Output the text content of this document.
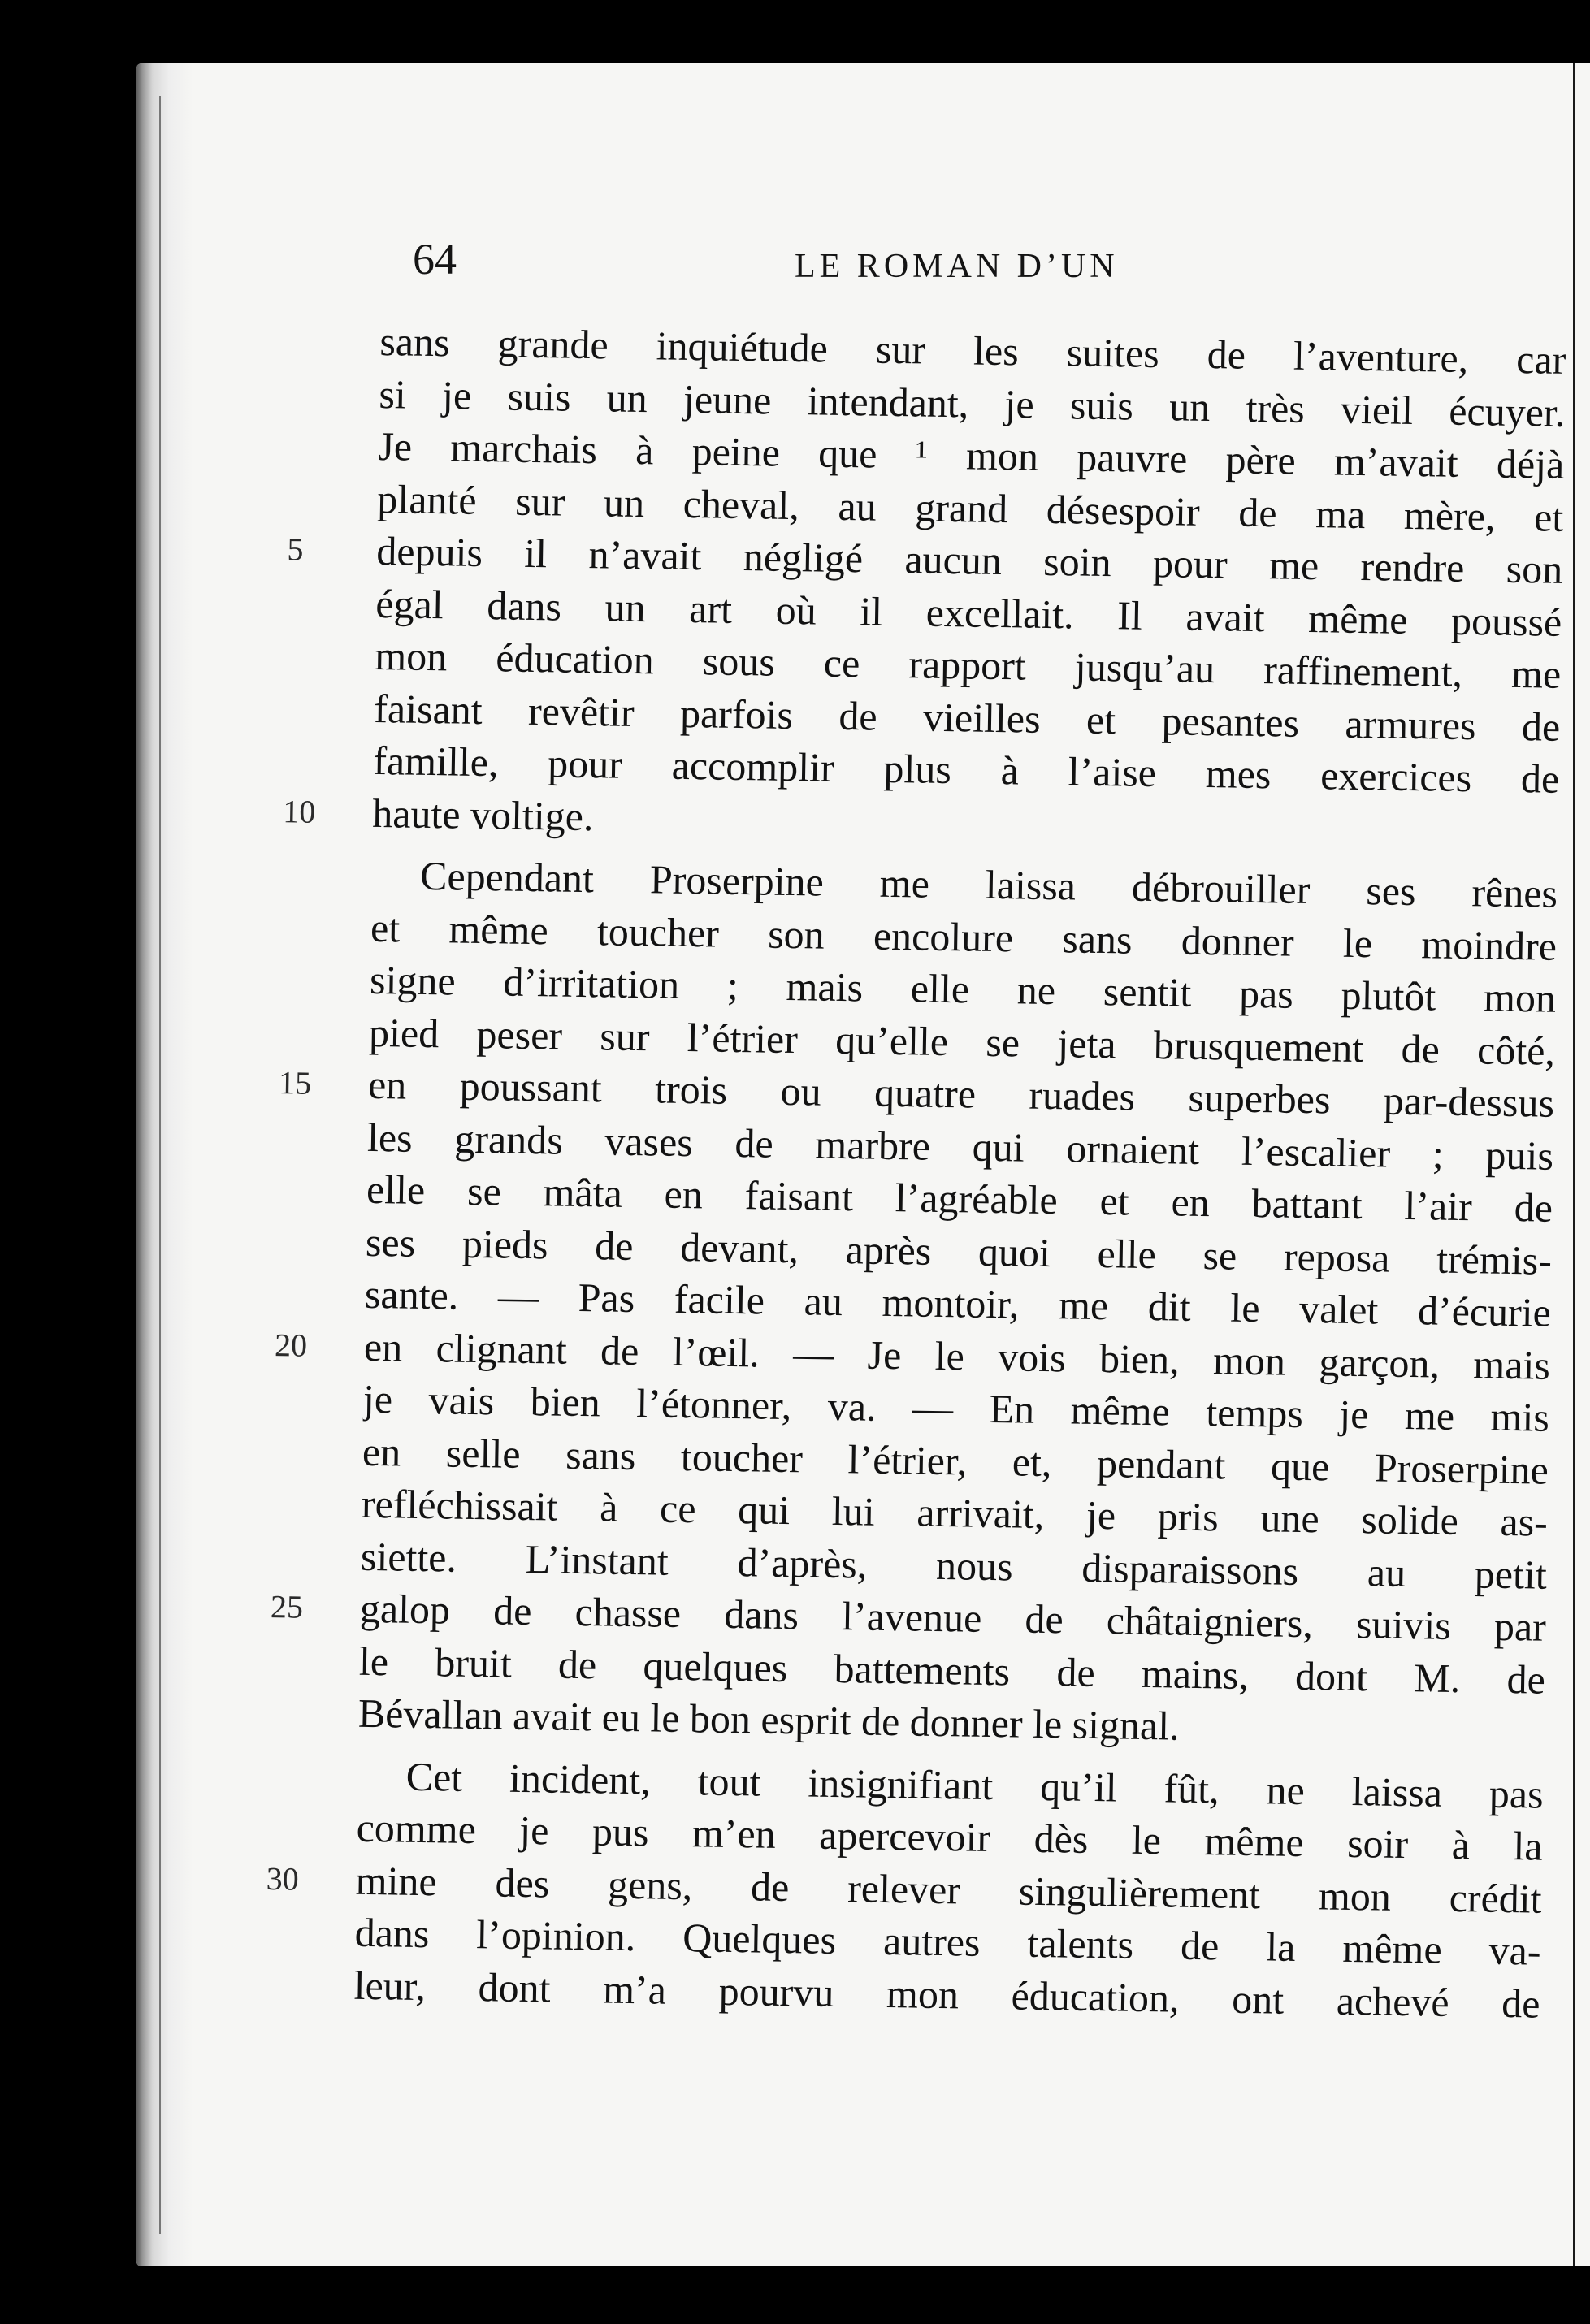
64	LE ROMAN D’UN
sans grande inquiétude sur les suites de l’aventure, car
si je suis un jeune intendant, je suis un très vieil écuyer.
Je marchais à peine que ¹ mon pauvre père m’avait déjà
planté sur un cheval, au grand désespoir de ma mère, et
5	depuis il n’avait négligé aucun soin pour me rendre son
égal dans un art où il excellait. Il avait même poussé
mon éducation sous ce rapport jusqu’au raffinement, me
faisant revêtir parfois de vieilles et pesantes armures de
famille, pour accomplir plus à l’aise mes exercices de
10	haute voltige.
Cependant Proserpine me laissa débrouiller ses rênes
et même toucher son encolure sans donner le moindre
signe d’irritation ; mais elle ne sentit pas plutôt mon
pied peser sur l’étrier qu’elle se jeta brusquement de côté,
15	en poussant trois ou quatre ruades superbes par-dessus
les grands vases de marbre qui ornaient l’escalier ; puis
elle se mâta en faisant l’agréable et en battant l’air de
ses pieds de devant, après quoi elle se reposa trémis-
sante. — Pas facile au montoir, me dit le valet d’écurie
20	en clignant de l’œil. — Je le vois bien, mon garçon, mais
je vais bien l’étonner, va. — En même temps je me mis
en selle sans toucher l’étrier, et, pendant que Proserpine
refléchissait à ce qui lui arrivait, je pris une solide as-
siette. L’instant d’après, nous disparaissons au petit
25	galop de chasse dans l’avenue de châtaigniers, suivis par
le bruit de quelques battements de mains, dont M. de
Bévallan avait eu le bon esprit de donner le signal.
Cet incident, tout insignifiant qu’il fût, ne laissa pas
comme je pus m’en apercevoir dès le même soir à la
30	mine des gens, de relever singulièrement mon crédit
dans l’opinion. Quelques autres talents de la même va-
leur, dont m’a pourvu mon éducation, ont achevé de
